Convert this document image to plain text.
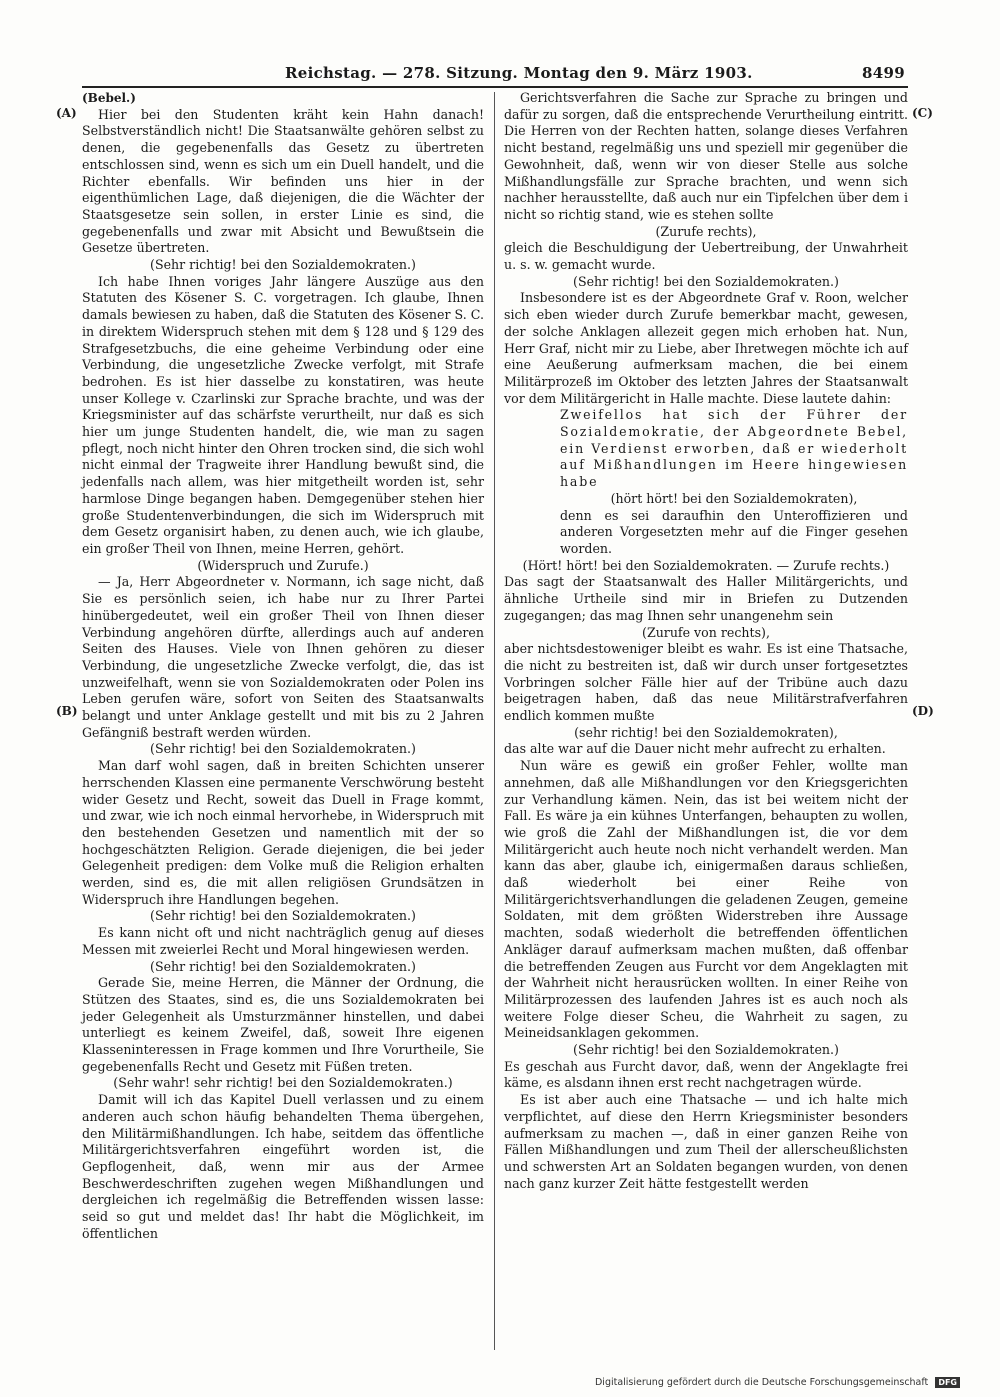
Reichstag. — 278. Sitzung. Montag den 9. März 1903.	8499
(A)
(B)
(C)
(D)

(Bebel.)

Hier bei den Studenten kräht kein Hahn danach! Selbstverständlich nicht! Die Staatsanwälte gehören selbst zu denen, die gegebenenfalls das Gesetz zu übertreten entschlossen sind, wenn es sich um ein Duell handelt, und die Richter ebenfalls. Wir befinden uns hier in der eigenthümlichen Lage, daß diejenigen, die die Wächter der Staatsgesetze sein sollen, in erster Linie es sind, die gegebenenfalls und zwar mit Absicht und Bewußtsein die Gesetze übertreten.

(Sehr richtig! bei den Sozialdemokraten.)

Ich habe Ihnen voriges Jahr längere Auszüge aus den Statuten des Kösener S. C. vorgetragen. Ich glaube, Ihnen damals bewiesen zu haben, daß die Statuten des Kösener S. C. in direktem Widerspruch stehen mit dem § 128 und § 129 des Strafgesetzbuchs, die eine geheime Verbindung oder eine Verbindung, die ungesetzliche Zwecke verfolgt, mit Strafe bedrohen. Es ist hier dasselbe zu konstatiren, was heute unser Kollege v. Czarlinski zur Sprache brachte, und was der Kriegsminister auf das schärfste verurtheilt, nur daß es sich hier um junge Studenten handelt, die, wie man zu sagen pflegt, noch nicht hinter den Ohren trocken sind, die sich wohl nicht einmal der Tragweite ihrer Handlung bewußt sind, die jedenfalls nach allem, was hier mitgetheilt worden ist, sehr harmlose Dinge begangen haben. Demgegenüber stehen hier große Studentenverbindungen, die sich im Widerspruch mit dem Gesetz organisirt haben, zu denen auch, wie ich glaube, ein großer Theil von Ihnen, meine Herren, gehört.

(Widerspruch und Zurufe.)

— Ja, Herr Abgeordneter v. Normann, ich sage nicht, daß Sie es persönlich seien, ich habe nur zu Ihrer Partei hinübergedeutet, weil ein großer Theil von Ihnen dieser Verbindung angehören dürfte, allerdings auch auf anderen Seiten des Hauses. Viele von Ihnen gehören zu dieser Verbindung, die ungesetzliche Zwecke verfolgt, die, das ist unzweifelhaft, wenn sie von Sozialdemokraten oder Polen ins Leben gerufen wäre, sofort von Seiten des Staatsanwalts belangt und unter Anklage gestellt und mit bis zu 2 Jahren Gefängniß bestraft werden würden.

(Sehr richtig! bei den Sozialdemokraten.)

Man darf wohl sagen, daß in breiten Schichten unserer herrschenden Klassen eine permanente Verschwörung besteht wider Gesetz und Recht, soweit das Duell in Frage kommt, und zwar, wie ich noch einmal hervorhebe, in Widerspruch mit den bestehenden Gesetzen und namentlich mit der so hochgeschätzten Religion. Gerade diejenigen, die bei jeder Gelegenheit predigen: dem Volke muß die Religion erhalten werden, sind es, die mit allen religiösen Grundsätzen in Widerspruch ihre Handlungen begehen.

(Sehr richtig! bei den Sozialdemokraten.)

Es kann nicht oft und nicht nachträglich genug auf dieses Messen mit zweierlei Recht und Moral hingewiesen werden.

(Sehr richtig! bei den Sozialdemokraten.)

Gerade Sie, meine Herren, die Männer der Ordnung, die Stützen des Staates, sind es, die uns Sozialdemokraten bei jeder Gelegenheit als Umsturzmänner hinstellen, und dabei unterliegt es keinem Zweifel, daß, soweit Ihre eigenen Klasseninteressen in Frage kommen und Ihre Vorurtheile, Sie gegebenenfalls Recht und Gesetz mit Füßen treten.

(Sehr wahr! sehr richtig! bei den Sozialdemokraten.)

Damit will ich das Kapitel Duell verlassen und zu einem anderen auch schon häufig behandelten Thema übergehen, den Militärmißhandlungen. Ich habe, seitdem das öffentliche Militärgerichtsverfahren eingeführt worden ist, die Gepflogenheit, daß, wenn mir aus der Armee Beschwerdeschriften zugehen wegen Mißhandlungen und dergleichen ich regelmäßig die Betreffenden wissen lasse: seid so gut und meldet das! Ihr habt die Möglichkeit, im öffentlichen

Gerichtsverfahren die Sache zur Sprache zu bringen und dafür zu sorgen, daß die entsprechende Verurtheilung eintritt. Die Herren von der Rechten hatten, solange dieses Verfahren nicht bestand, regelmäßig uns und speziell mir gegenüber die Gewohnheit, daß, wenn wir von dieser Stelle aus solche Mißhandlungsfälle zur Sprache brachten, und wenn sich nachher herausstellte, daß auch nur ein Tipfelchen über dem i nicht so richtig stand, wie es stehen sollte

(Zurufe rechts),

gleich die Beschuldigung der Uebertreibung, der Unwahrheit u. s. w. gemacht wurde.

(Sehr richtig! bei den Sozialdemokraten.)

Insbesondere ist es der Abgeordnete Graf v. Roon, welcher sich eben wieder durch Zurufe bemerkbar macht, gewesen, der solche Anklagen allezeit gegen mich erhoben hat. Nun, Herr Graf, nicht mir zu Liebe, aber Ihretwegen möchte ich auf eine Aeußerung aufmerksam machen, die bei einem Militärprozeß im Oktober des letzten Jahres der Staatsanwalt vor dem Militärgericht in Halle machte. Diese lautete dahin:

Zweifellos hat sich der Führer der Sozialdemokratie, der Abgeordnete Bebel, ein Verdienst erworben, daß er wiederholt auf Mißhandlungen im Heere hingewiesen habe

(hört hört! bei den Sozialdemokraten),

denn es sei daraufhin den Unteroffizieren und anderen Vorgesetzten mehr auf die Finger gesehen worden.

(Hört! hört! bei den Sozialdemokraten. — Zurufe rechts.)

Das sagt der Staatsanwalt des Haller Militärgerichts, und ähnliche Urtheile sind mir in Briefen zu Dutzenden zugegangen; das mag Ihnen sehr unangenehm sein

(Zurufe von rechts),

aber nichtsdestoweniger bleibt es wahr. Es ist eine Thatsache, die nicht zu bestreiten ist, daß wir durch unser fortgesetztes Vorbringen solcher Fälle hier auf der Tribüne auch dazu beigetragen haben, daß das neue Militärstrafverfahren endlich kommen mußte

(sehr richtig! bei den Sozialdemokraten),

das alte war auf die Dauer nicht mehr aufrecht zu erhalten.

Nun wäre es gewiß ein großer Fehler, wollte man annehmen, daß alle Mißhandlungen vor den Kriegsgerichten zur Verhandlung kämen. Nein, das ist bei weitem nicht der Fall. Es wäre ja ein kühnes Unterfangen, behaupten zu wollen, wie groß die Zahl der Mißhandlungen ist, die vor dem Militärgericht auch heute noch nicht verhandelt werden. Man kann das aber, glaube ich, einigermaßen daraus schließen, daß wiederholt bei einer Reihe von Militärgerichtsverhandlungen die geladenen Zeugen, gemeine Soldaten, mit dem größten Widerstreben ihre Aussage machten, sodaß wiederholt die betreffenden öffentlichen Ankläger darauf aufmerksam machen mußten, daß offenbar die betreffenden Zeugen aus Furcht vor dem Angeklagten mit der Wahrheit nicht herausrücken wollten. In einer Reihe von Militärprozessen des laufenden Jahres ist es auch noch als weitere Folge dieser Scheu, die Wahrheit zu sagen, zu Meineidsanklagen gekommen.

(Sehr richtig! bei den Sozialdemokraten.)

Es geschah aus Furcht davor, daß, wenn der Angeklagte frei käme, es alsdann ihnen erst recht nachgetragen würde.

Es ist aber auch eine Thatsache — und ich halte mich verpflichtet, auf diese den Herrn Kriegsminister besonders aufmerksam zu machen —, daß in einer ganzen Reihe von Fällen Mißhandlungen und zum Theil der allerscheußlichsten und schwersten Art an Soldaten begangen wurden, von denen nach ganz kurzer Zeit hätte festgestellt werden

Digitalisierung gefördert durch die Deutsche Forschungsgemeinschaft DFG
